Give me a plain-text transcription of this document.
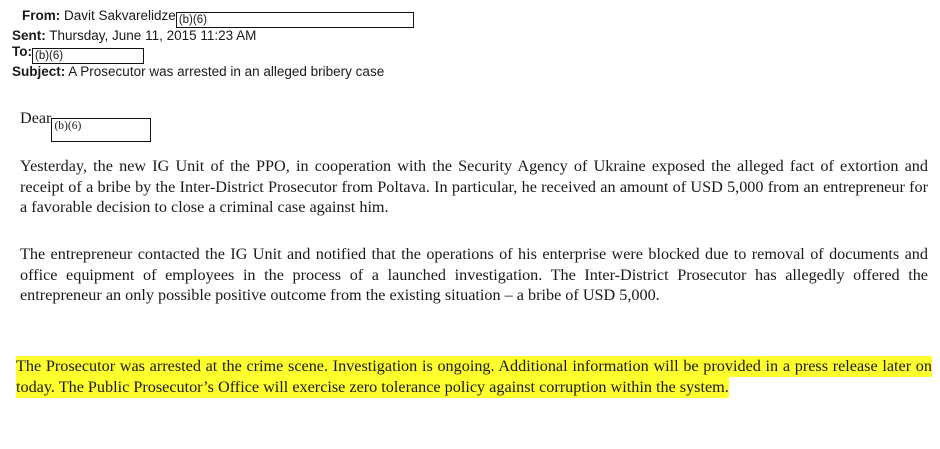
From: Davit Sakvarelidze (b)(6)
Sent: Thursday, June 11, 2015 11:23 AM
To: (b)(6)
Subject: A Prosecutor was arrested in an alleged bribery case
Dear (b)(6)

Yesterday, the new IG Unit of the PPO, in cooperation with the Security Agency of Ukraine exposed the alleged fact of extortion and receipt of a bribe by the Inter-District Prosecutor from Poltava. In particular, he received an amount of USD 5,000 from an entrepreneur for a favorable decision to close a criminal case against him.

The entrepreneur contacted the IG Unit and notified that the operations of his enterprise were blocked due to removal of documents and office equipment of employees in the process of a launched investigation. The Inter-District Prosecutor has allegedly offered the entrepreneur an only possible positive outcome from the existing situation – a bribe of USD 5,000.

The Prosecutor was arrested at the crime scene. Investigation is ongoing. Additional information will be provided in a press release later on today. The Public Prosecutor’s Office will exercise zero tolerance policy against corruption within the system.
